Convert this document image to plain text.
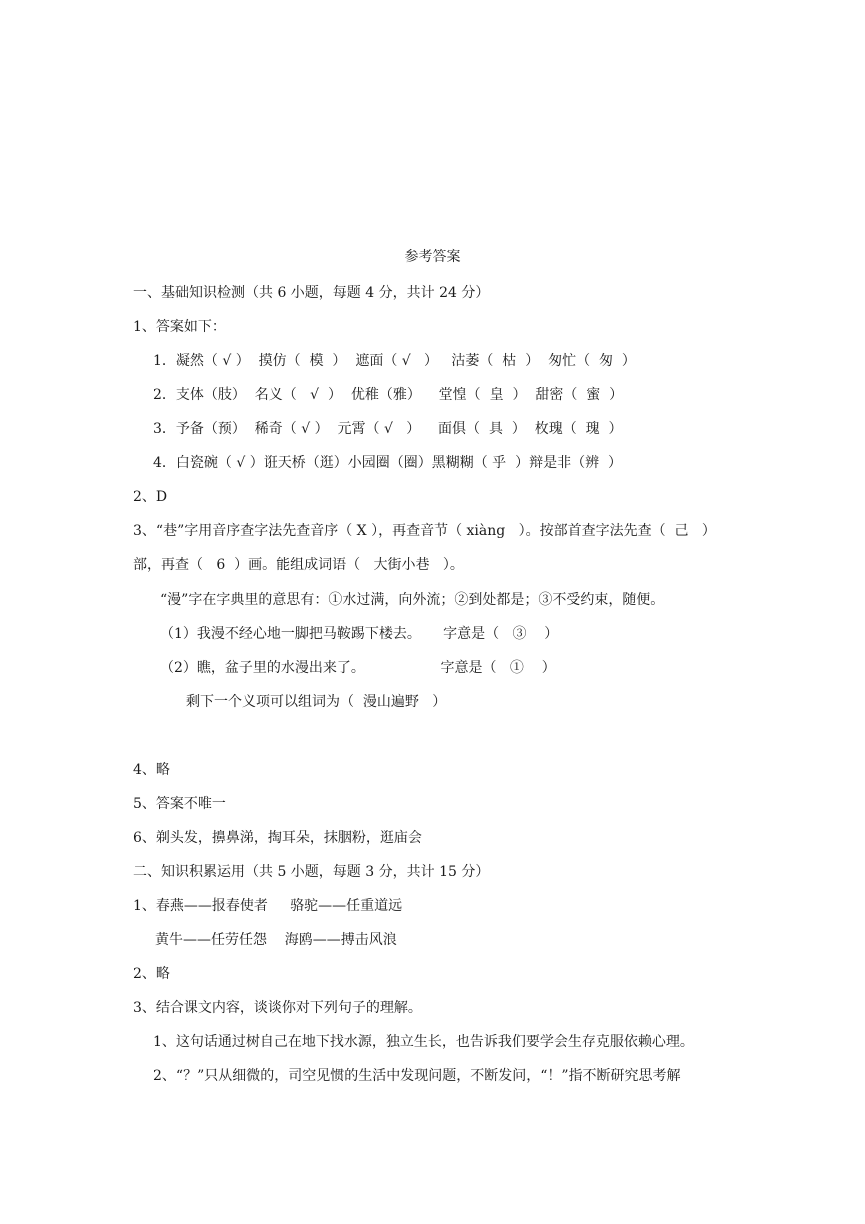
参考答案
一、基础知识检测（共 6 小题，每题 4 分，共计 24 分）
1、答案如下：
1．凝然（ √ ）  摸仿（  模  ）  遮面（ √   ）   沽萎（  枯  ）  匆忙（  匆  ）
2．支体（肢）  名义（   √  ）  优稚（雅）    堂惶（  皇  ）  甜密（  蜜  ）
3．予备（预）  稀奇（ √ ）  元霄（ √   ）    面俱（  具  ）  枚瑰（  瑰  ）
4．白瓷碗（ √ ）诳天桥（逛）小园圈（圈）黑糊糊（ 乎  ）辩是非（辨  ）
2、D
3、“巷”字用音序查字法先查音序（ X ），再查音节（ xiàng   ）。按部首查字法先查（  己   ）
部，再查（   6  ）画。能组成词语（   大街小巷   ）。
“漫”字在字典里的意思有：①水过满，向外流；②到处都是；③不受约束，随便。
（1）我漫不经心地一脚把马鞍踢下楼去。     字意是（   ③    ）
（2）瞧，盆子里的水漫出来了。                 字意是（   ①    ）
剩下一个义项可以组词为（  漫山遍野   ）
4、略
5、答案不唯一
6、剃头发，擤鼻涕，掏耳朵，抹胭粉，逛庙会
二、知识积累运用（共 5 小题，每题 3 分，共计 15 分）
1、春燕——报春使者     骆驼——任重道远
黄牛——任劳任怨    海鸥——搏击风浪
2、略
3、结合课文内容，谈谈你对下列句子的理解。
1、这句话通过树自己在地下找水源，独立生长，也告诉我们要学会生存克服依赖心理。
2、“？”只从细微的，司空见惯的生活中发现问题，不断发问，“！”指不断研究思考解
